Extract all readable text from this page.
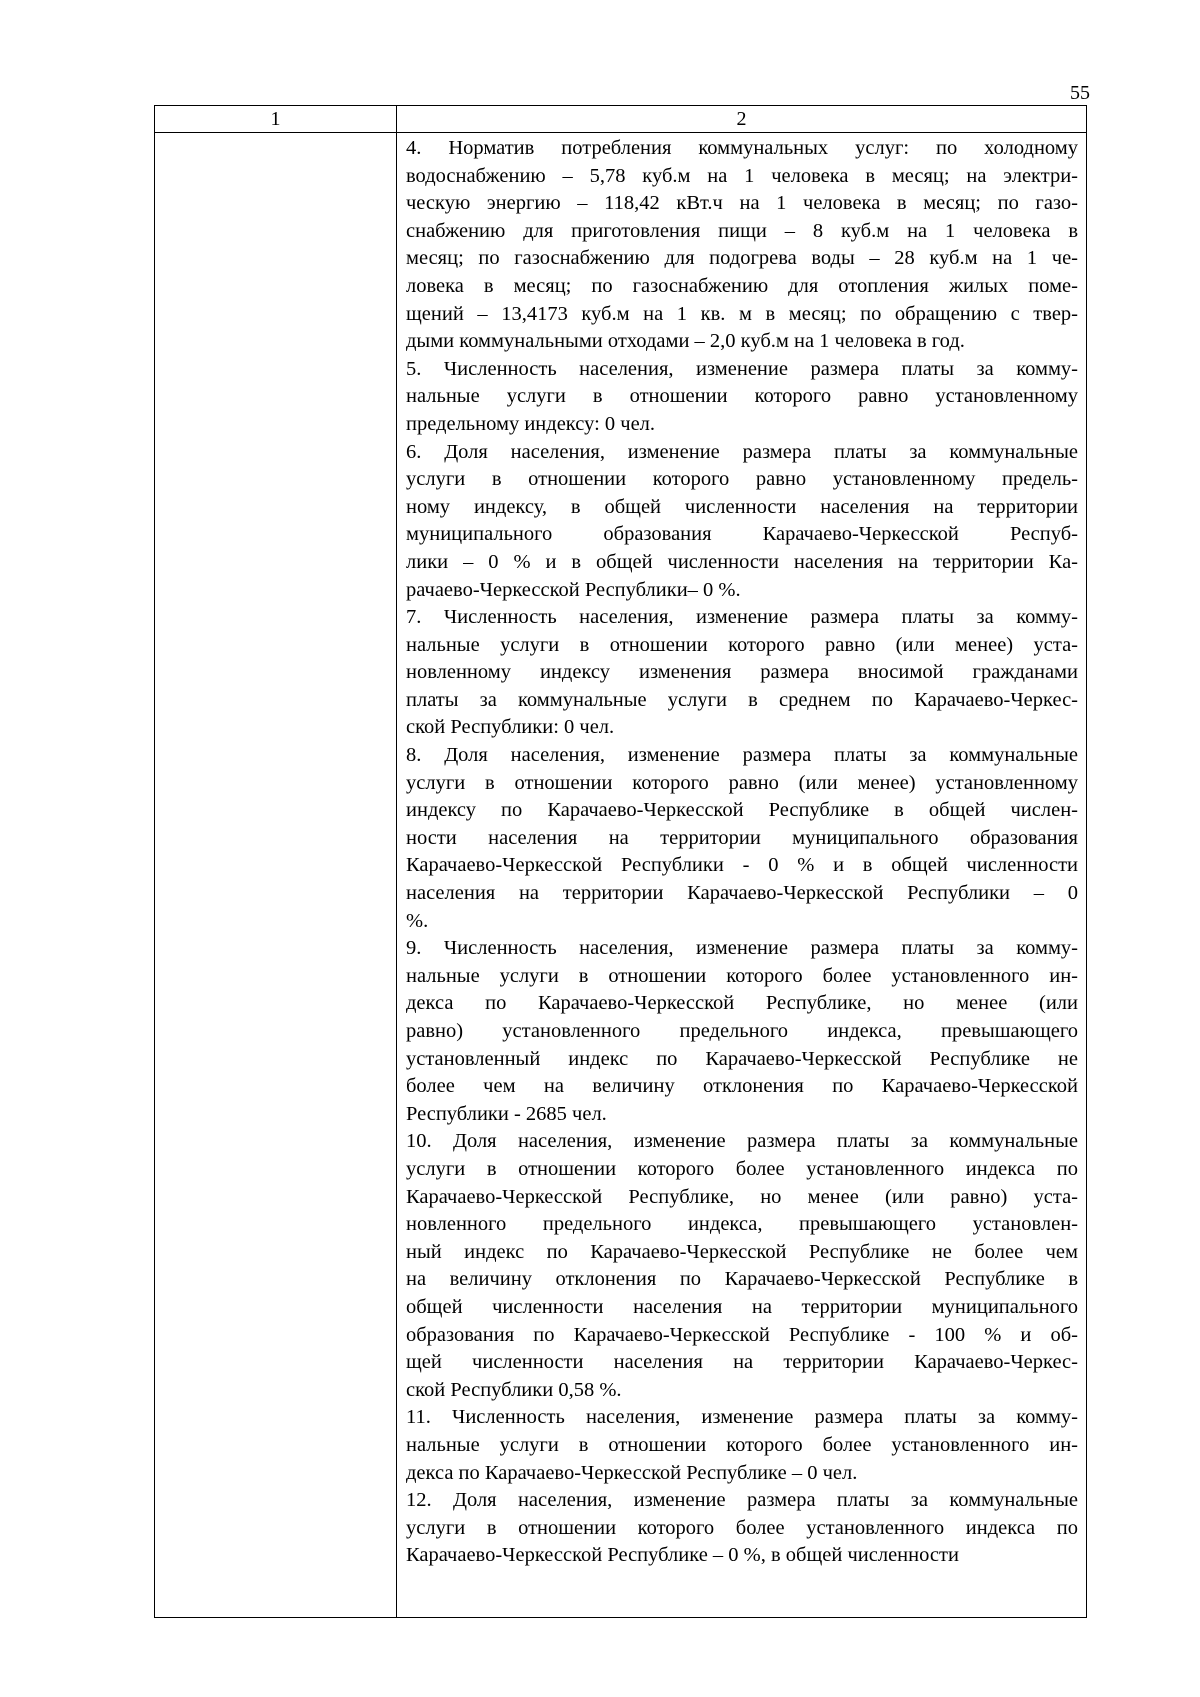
55
1	2
4. Норматив потребления коммунальных услуг: по холодному
водоснабжению – 5,78 куб.м на 1 человека в месяц; на электри-
ческую энергию – 118,42 кВт.ч на 1 человека в месяц; по газо-
снабжению для приготовления пищи – 8 куб.м на 1 человека в
месяц; по газоснабжению для подогрева воды – 28 куб.м на 1 че-
ловека в месяц; по газоснабжению для отопления жилых поме-
щений – 13,4173 куб.м на 1 кв. м в месяц; по обращению с твер-
дыми коммунальными отходами – 2,0 куб.м на 1 человека в год.
5. Численность населения, изменение размера платы за комму-
нальные услуги в отношении которого равно установленному
предельному индексу: 0 чел.
6. Доля населения, изменение размера платы за коммунальные
услуги в отношении которого равно установленному предель-
ному индексу, в общей численности населения на территории
муниципального образования Карачаево-Черкесской Респуб-
лики – 0 % и в общей численности населения на территории Ка-
рачаево-Черкесской Республики– 0 %.
7. Численность населения, изменение размера платы за комму-
нальные услуги в отношении которого равно (или менее) уста-
новленному индексу изменения размера вносимой гражданами
платы за коммунальные услуги в среднем по Карачаево-Черкес-
ской Республики: 0 чел.
8. Доля населения, изменение размера платы за коммунальные
услуги в отношении которого равно (или менее) установленному
индексу по Карачаево-Черкесской Республике в общей числен-
ности населения на территории муниципального образования
Карачаево-Черкесской Республики - 0 % и в общей численности
населения на территории Карачаево-Черкесской Республики – 0
%.
9. Численность населения, изменение размера платы за комму-
нальные услуги в отношении которого более установленного ин-
декса по Карачаево-Черкесской Республике, но менее (или
равно) установленного предельного индекса, превышающего
установленный индекс по Карачаево-Черкесской Республике не
более чем на величину отклонения по Карачаево-Черкесской
Республики - 2685 чел.
10. Доля населения, изменение размера платы за коммунальные
услуги в отношении которого более установленного индекса по
Карачаево-Черкесской Республике, но менее (или равно) уста-
новленного предельного индекса, превышающего установлен-
ный индекс по Карачаево-Черкесской Республике не более чем
на величину отклонения по Карачаево-Черкесской Республике в
общей численности населения на территории муниципального
образования по Карачаево-Черкесской Республике - 100 % и об-
щей численности населения на территории Карачаево-Черкес-
ской Республики 0,58 %.
11. Численность населения, изменение размера платы за комму-
нальные услуги в отношении которого более установленного ин-
декса по Карачаево-Черкесской Республике – 0 чел.
12. Доля населения, изменение размера платы за коммунальные
услуги в отношении которого более установленного индекса по
Карачаево-Черкесской Республике – 0 %, в общей численности
